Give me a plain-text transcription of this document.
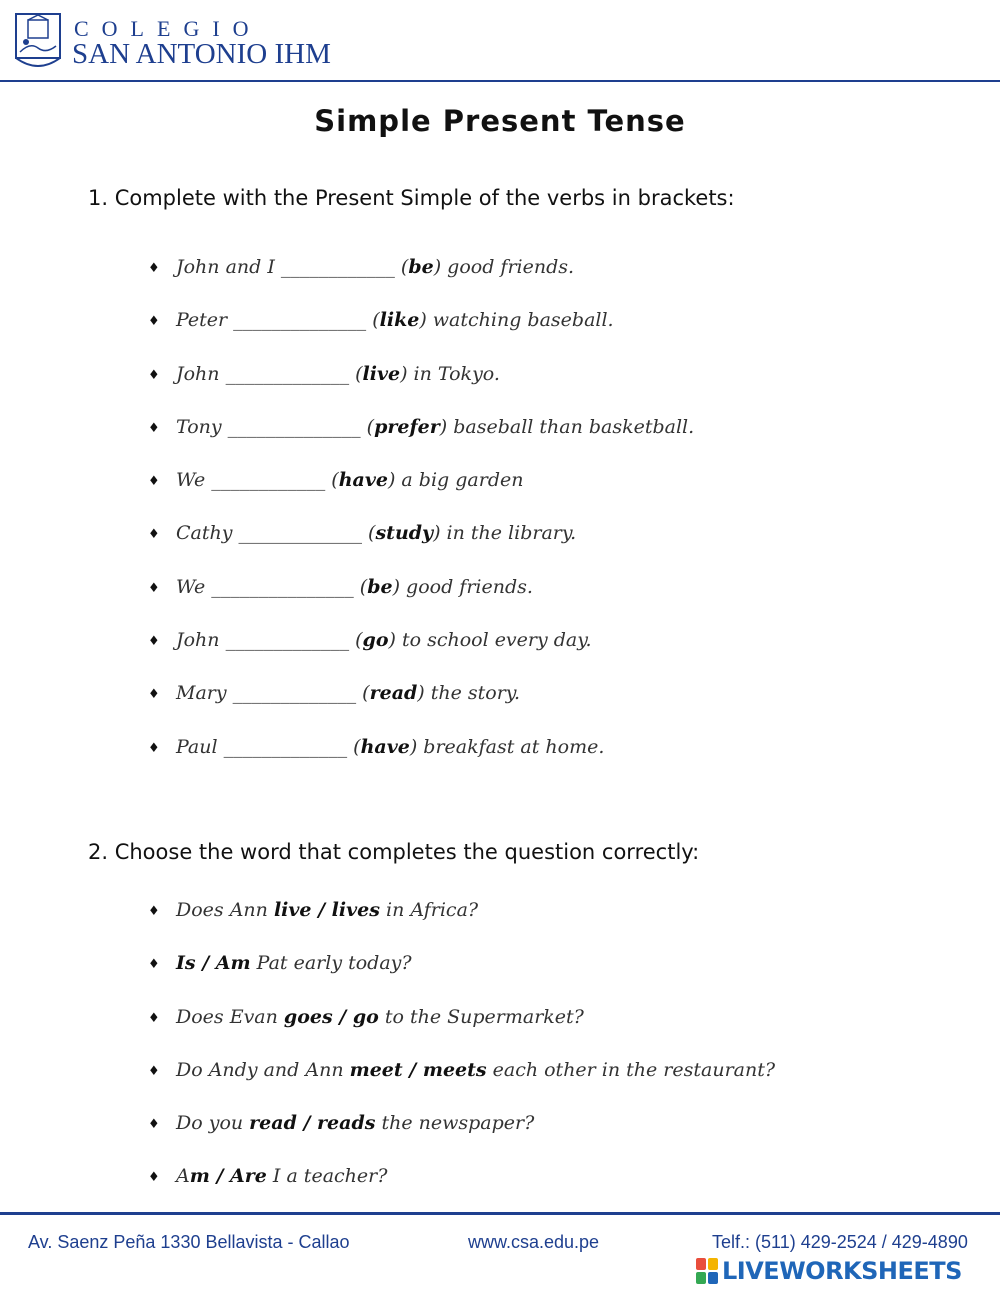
COLEGIO
SAN ANTONIO IHM
Simple Present Tense
1. Complete with the Present Simple of the verbs in brackets:
♦ John and I ____________ (be) good friends.
♦ Peter ______________ (like) watching baseball.
♦ John _____________ (live) in Tokyo.
♦ Tony ______________ (prefer) baseball than basketball.
♦ We ____________ (have) a big garden
♦ Cathy _____________ (study) in the library.
♦ We _______________ (be) good friends.
♦ John _____________ (go) to school every day.
♦ Mary _____________ (read) the story.
♦ Paul _____________ (have) breakfast at home.
2. Choose the word that completes the question correctly:
♦ Does Ann live / lives in Africa?
♦ Is / Am Pat early today?
♦ Does Evan goes / go to the Supermarket?
♦ Do Andy and Ann meet / meets each other in the restaurant?
♦ Do you read / reads the newspaper?
♦ Am / Are I a teacher?
Av. Saenz Peña 1330 Bellavista - Callao	www.csa.edu.pe	Telf.: (511) 429-2524 / 429-4890
LIVEWORKSHEETS
